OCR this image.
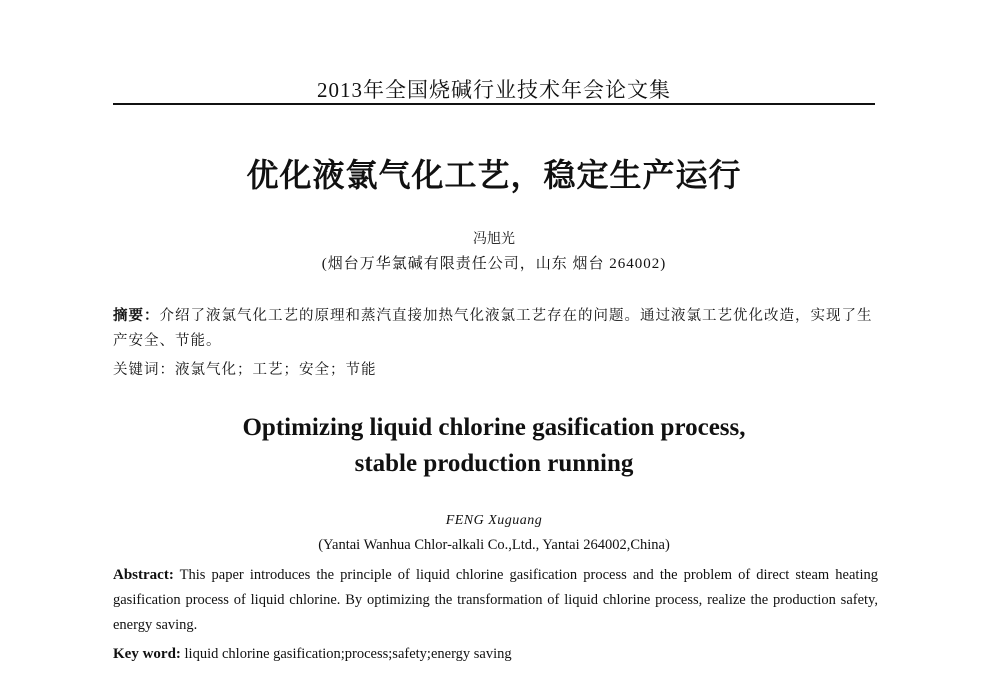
2013年全国烧碱行业技术年会论文集
优化液氯气化工艺，稳定生产运行
冯旭光
(烟台万华氯碱有限责任公司，山东 烟台 264002)
摘要：介绍了液氯气化工艺的原理和蒸汽直接加热气化液氯工艺存在的问题。通过液氯工艺优化改造，实现了生产安全、节能。
关键词：液氯气化；工艺；安全；节能
Optimizing liquid chlorine gasification process,
stable production running
FENG Xuguang
(Yantai Wanhua Chlor-alkali Co.,Ltd., Yantai 264002,China)
Abstract: This paper introduces the principle of liquid chlorine gasification process and the problem of direct steam heating gasification process of liquid chlorine. By optimizing the transformation of liquid chlorine process, realize the production safety, energy saving.
Key word: liquid chlorine gasification;process;safety;energy saving
